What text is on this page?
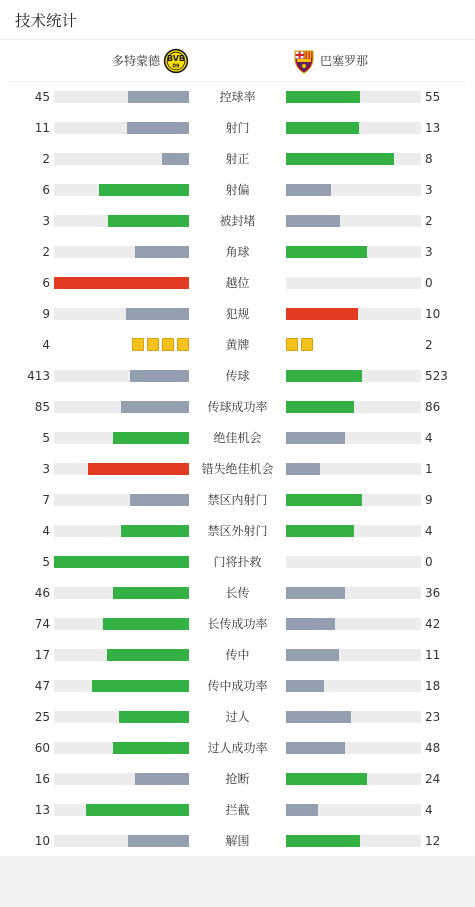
技术统计
多特蒙德 BVB
09	巴塞罗那
45	控球率	55
11	射门	13
2	射正	8
6	射偏	3
3	被封堵	2
2	角球	3
6	越位	0
9	犯规	10
4	黄牌	2
413	传球	523
85	传球成功率	86
5	绝佳机会	4
3	错失绝佳机会	1
7	禁区内射门	9
4	禁区外射门	4
5	门将扑救	0
46	长传	36
74	长传成功率	42
17	传中	11
47	传中成功率	18
25	过人	23
60	过人成功率	48
16	抢断	24
13	拦截	4
10	解围	12
